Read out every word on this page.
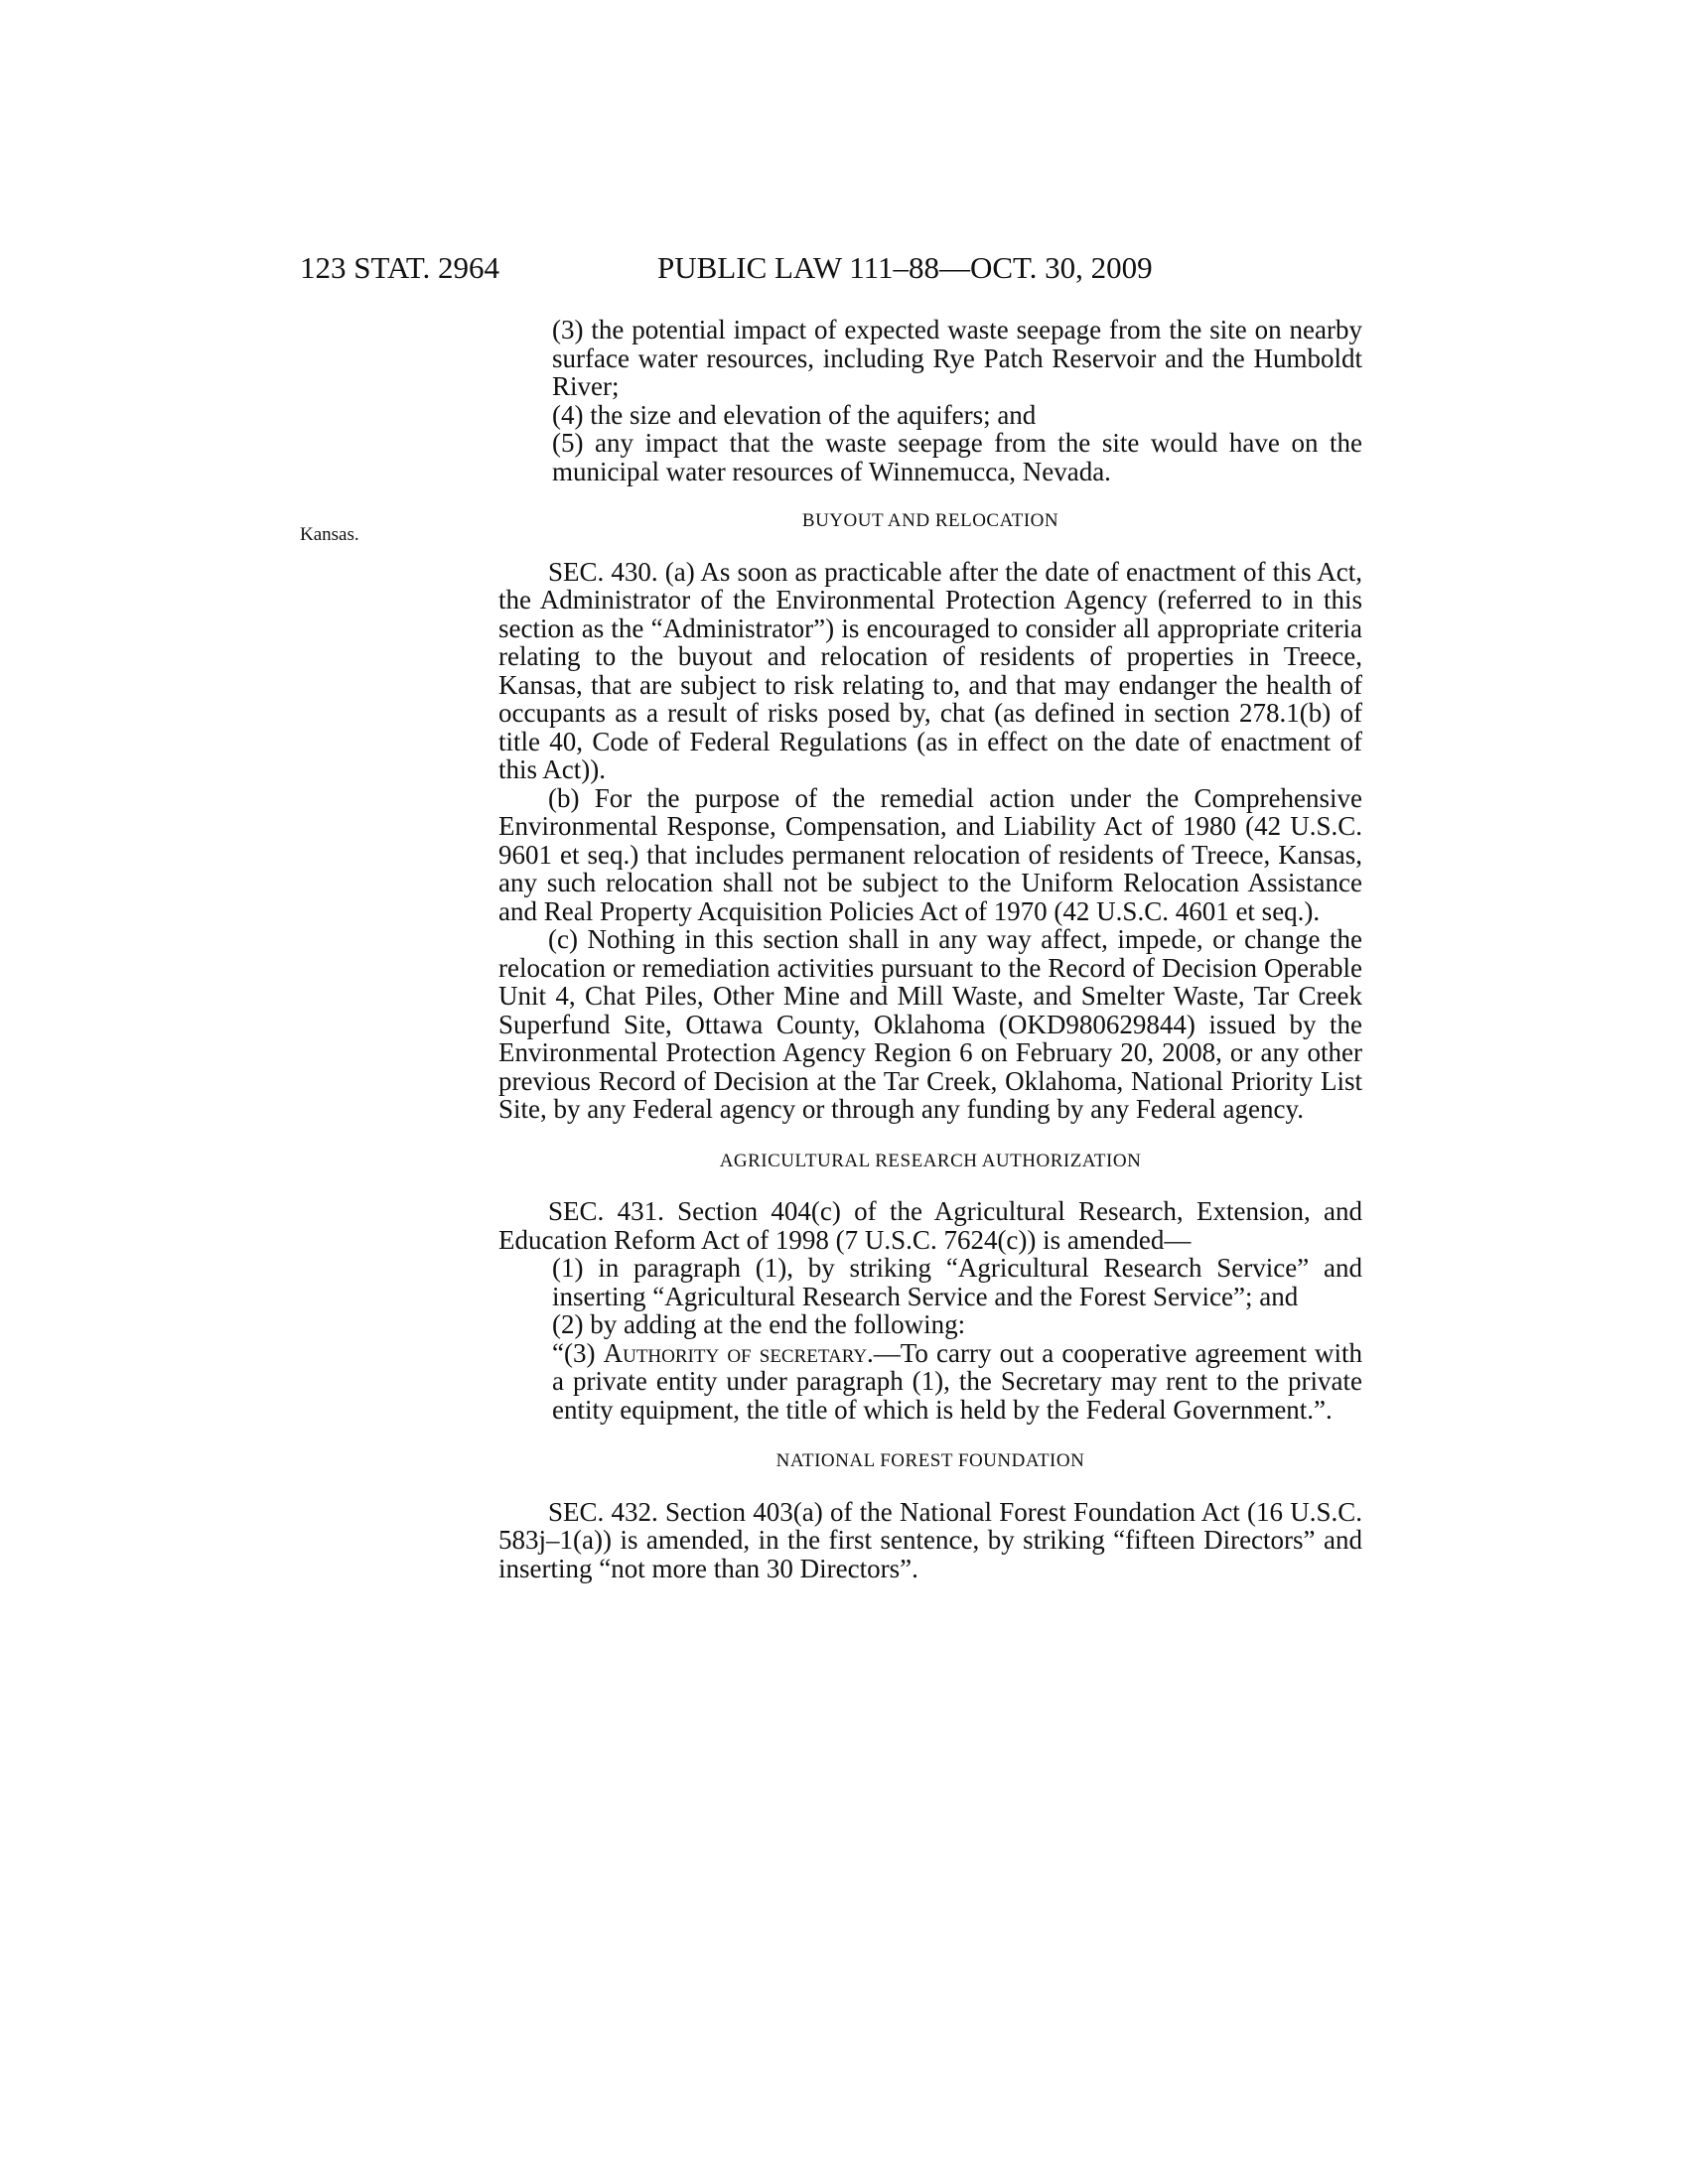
123 STAT. 2964	PUBLIC LAW 111–88—OCT. 30, 2009
Kansas.

(3) the potential impact of expected waste seepage from the site on nearby surface water resources, including Rye Patch Reservoir and the Humboldt River;

(4) the size and elevation of the aquifers; and

(5) any impact that the waste seepage from the site would have on the municipal water resources of Winnemucca, Nevada.

BUYOUT AND RELOCATION

SEC. 430. (a) As soon as practicable after the date of enactment of this Act, the Administrator of the Environmental Protection Agency (referred to in this section as the “Administrator”) is encouraged to consider all appropriate criteria relating to the buyout and relocation of residents of properties in Treece, Kansas, that are subject to risk relating to, and that may endanger the health of occupants as a result of risks posed by, chat (as defined in section 278.1(b) of title 40, Code of Federal Regulations (as in effect on the date of enactment of this Act)).

(b) For the purpose of the remedial action under the Comprehensive Environmental Response, Compensation, and Liability Act of 1980 (42 U.S.C. 9601 et seq.) that includes permanent relocation of residents of Treece, Kansas, any such relocation shall not be subject to the Uniform Relocation Assistance and Real Property Acquisition Policies Act of 1970 (42 U.S.C. 4601 et seq.).

(c) Nothing in this section shall in any way affect, impede, or change the relocation or remediation activities pursuant to the Record of Decision Operable Unit 4, Chat Piles, Other Mine and Mill Waste, and Smelter Waste, Tar Creek Superfund Site, Ottawa County, Oklahoma (OKD980629844) issued by the Environmental Protection Agency Region 6 on February 20, 2008, or any other previous Record of Decision at the Tar Creek, Oklahoma, National Priority List Site, by any Federal agency or through any funding by any Federal agency.

AGRICULTURAL RESEARCH AUTHORIZATION

SEC. 431. Section 404(c) of the Agricultural Research, Extension, and Education Reform Act of 1998 (7 U.S.C. 7624(c)) is amended—

(1) in paragraph (1), by striking “Agricultural Research Service” and inserting “Agricultural Research Service and the Forest Service”; and

(2) by adding at the end the following:

“(3) Authority of secretary.—To carry out a cooperative agreement with a private entity under paragraph (1), the Secretary may rent to the private entity equipment, the title of which is held by the Federal Government.”.

NATIONAL FOREST FOUNDATION

SEC. 432. Section 403(a) of the National Forest Foundation Act (16 U.S.C. 583j–1(a)) is amended, in the first sentence, by striking “fifteen Directors” and inserting “not more than 30 Directors”.
